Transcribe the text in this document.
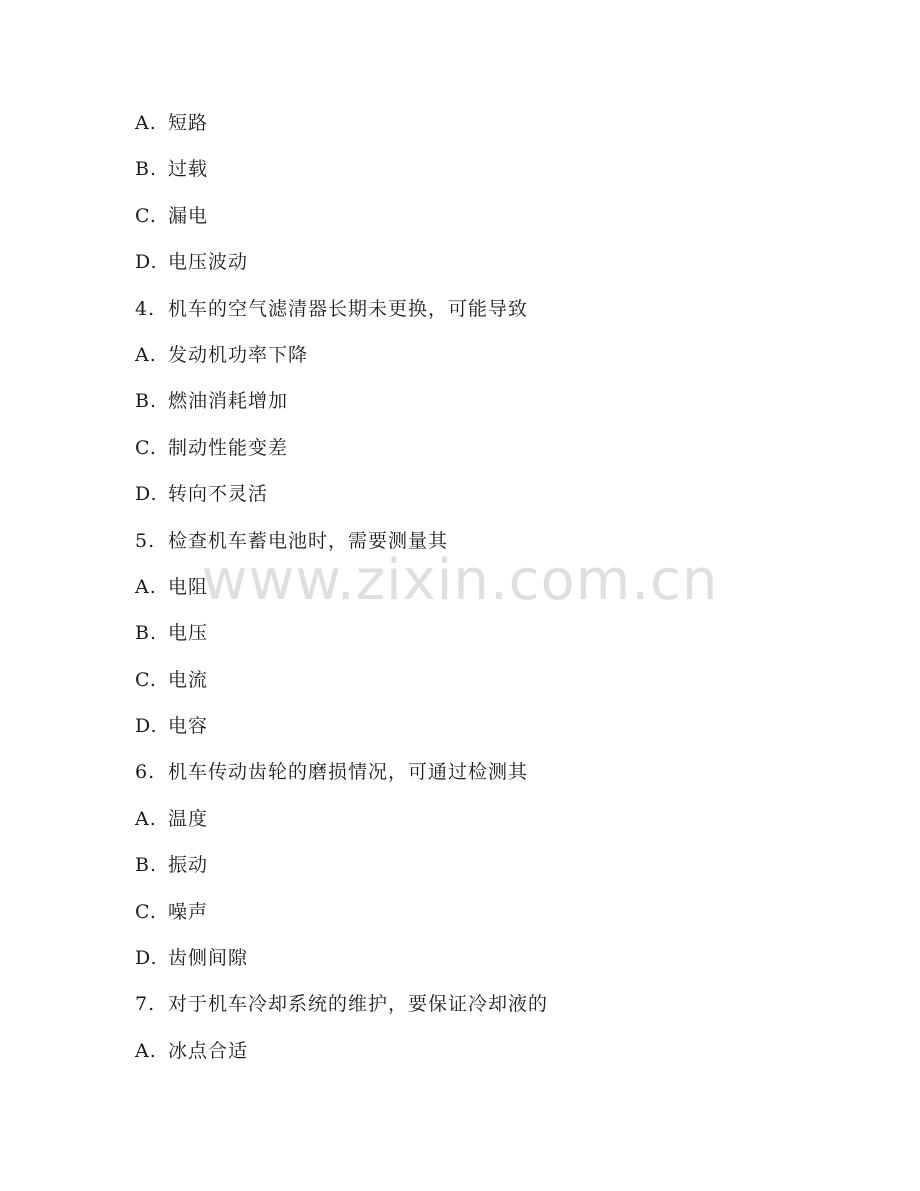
A. 短路
B. 过载
C. 漏电
D. 电压波动
4. 机车的空气滤清器长期未更换，可能导致
A. 发动机功率下降
B. 燃油消耗增加
C. 制动性能变差
D. 转向不灵活
5. 检查机车蓄电池时，需要测量其
A. 电阻
B. 电压
C. 电流
D. 电容
6. 机车传动齿轮的磨损情况，可通过检测其
A. 温度
B. 振动
C. 噪声
D. 齿侧间隙
7. 对于机车冷却系统的维护，要保证冷却液的
A. 冰点合适
www.zixin.com.cn
